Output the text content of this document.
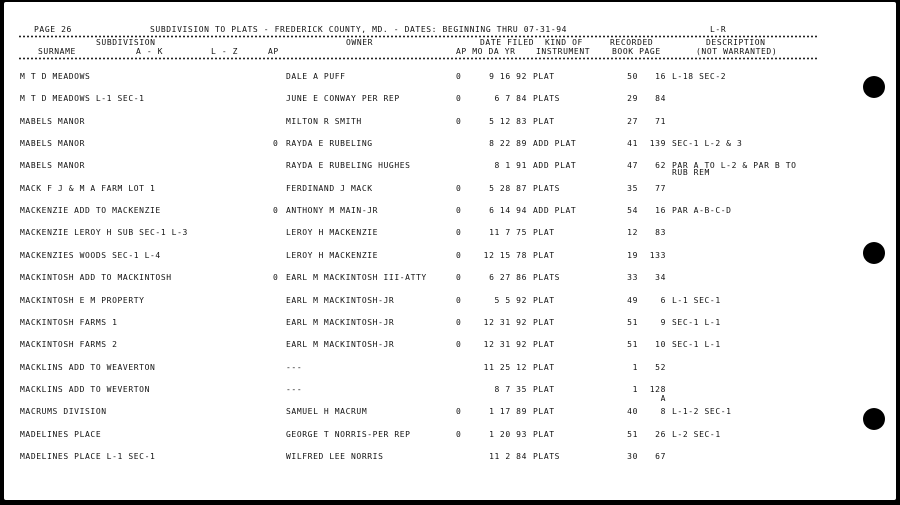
PAGE 26	SUBDIVISION TO PLATS - FREDERICK COUNTY, MD. - DATES: BEGINNING THRU 07-31-94	L-R
SUBDIVISION	OWNER	DATE FILED KIND OF	RECORDED	DESCRIPTION
SURNAME	A - K	L - Z	AP	AP MO DA YR	INSTRUMENT	BOOK PAGE	(NOT WARRANTED)
M T D MEADOWS	DALE A PUFF	0	9 16 92 PLAT	50	16 L-18 SEC-2
M T D MEADOWS L-1 SEC-1	JUNE E CONWAY PER REP	0	6 7 84 PLATS	29	84
MABELS MANOR	MILTON R SMITH	0	5 12 83 PLAT	27	71
MABELS MANOR	0 RAYDA E RUBELING	8 22 89 ADD PLAT	41	139 SEC-1 L-2 & 3
MABELS MANOR	RAYDA E RUBELING HUGHES	8 1 91 ADD PLAT	47	62 PAR A TO L-2 & PAR B TO
RUB REM
MACK F J & M A FARM LOT 1	FERDINAND J MACK	0	5 28 87 PLATS	35	77
MACKENZIE ADD TO MACKENZIE	0 ANTHONY M MAIN-JR	0	6 14 94 ADD PLAT	54	16 PAR A-B-C-D
MACKENZIE LEROY H SUB SEC-1 L-3	LEROY H MACKENZIE	0	11 7 75 PLAT	12	83
MACKENZIES WOODS SEC-1 L-4	LEROY H MACKENZIE	0	12 15 78 PLAT	19	133
MACKINTOSH ADD TO MACKINTOSH	0 EARL M MACKINTOSH III-ATTY	0	6 27 86 PLATS	33	34
MACKINTOSH E M PROPERTY	EARL M MACKINTOSH-JR	0	5 5 92 PLAT	49	6 L-1 SEC-1
MACKINTOSH FARMS 1	EARL M MACKINTOSH-JR	0	12 31 92 PLAT	51	9 SEC-1 L-1
MACKINTOSH FARMS 2	EARL M MACKINTOSH-JR	0	12 31 92 PLAT	51	10 SEC-1 L-1
MACKLINS ADD TO WEAVERTON	---	11 25 12 PLAT	1	52
MACKLINS ADD TO WEVERTON	---	8 7 35 PLAT	1	128
A
MACRUMS DIVISION	SAMUEL H MACRUM	0	1 17 89 PLAT	40	8 L-1-2 SEC-1
MADELINES PLACE	GEORGE T NORRIS-PER REP	0	1 20 93 PLAT	51	26 L-2 SEC-1
MADELINES PLACE L-1 SEC-1	WILFRED LEE NORRIS	11 2 84 PLATS	30	67
